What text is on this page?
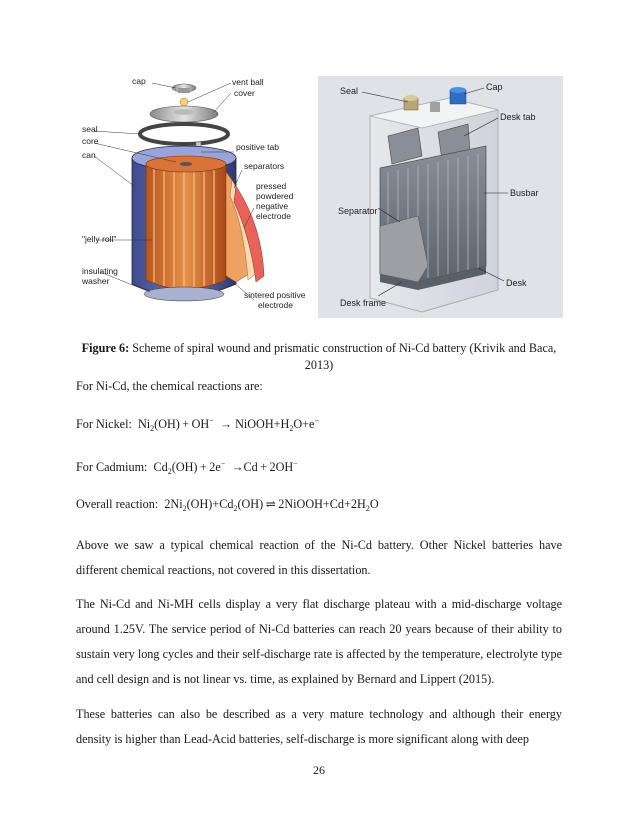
cap	vent ball
cover
seal
core
positive tab
can
separators
pressed
powdered
negative
electrode
"jelly roll"
insulating
washer
sintered positive
electrode
Seal	Cap
Desk tab
Busbar
Separator
Desk
Desk frame
Figure 6: Scheme of spiral wound and prismatic construction of Ni-Cd battery (Krivik and Baca, 2013)
For Ni-Cd, the chemical reactions are:
For Nickel: $Ni_2(OH) + OH^-$  → $NiOOH+H_2O+e^-$
For Cadmium: $Cd_2(OH) + 2e^- \to Cd + 2OH^-$
Overall reaction: $2Ni_2(OH)+Cd_2(OH)$ ⇌ $2NiOOH+Cd+2H_2O$
Above we saw a typical chemical reaction of the Ni-Cd battery. Other Nickel batteries have different chemical reactions, not covered in this dissertation.
The Ni-Cd and Ni-MH cells display a very flat discharge plateau with a mid-discharge voltage around 1.25V. The service period of Ni-Cd batteries can reach 20 years because of their ability to sustain very long cycles and their self-discharge rate is affected by the temperature, electrolyte type and cell design and is not linear vs. time, as explained by Bernard and Lippert (2015).
These batteries can also be described as a very mature technology and although their energy density is higher than Lead-Acid batteries, self-discharge is more significant along with deep
26
